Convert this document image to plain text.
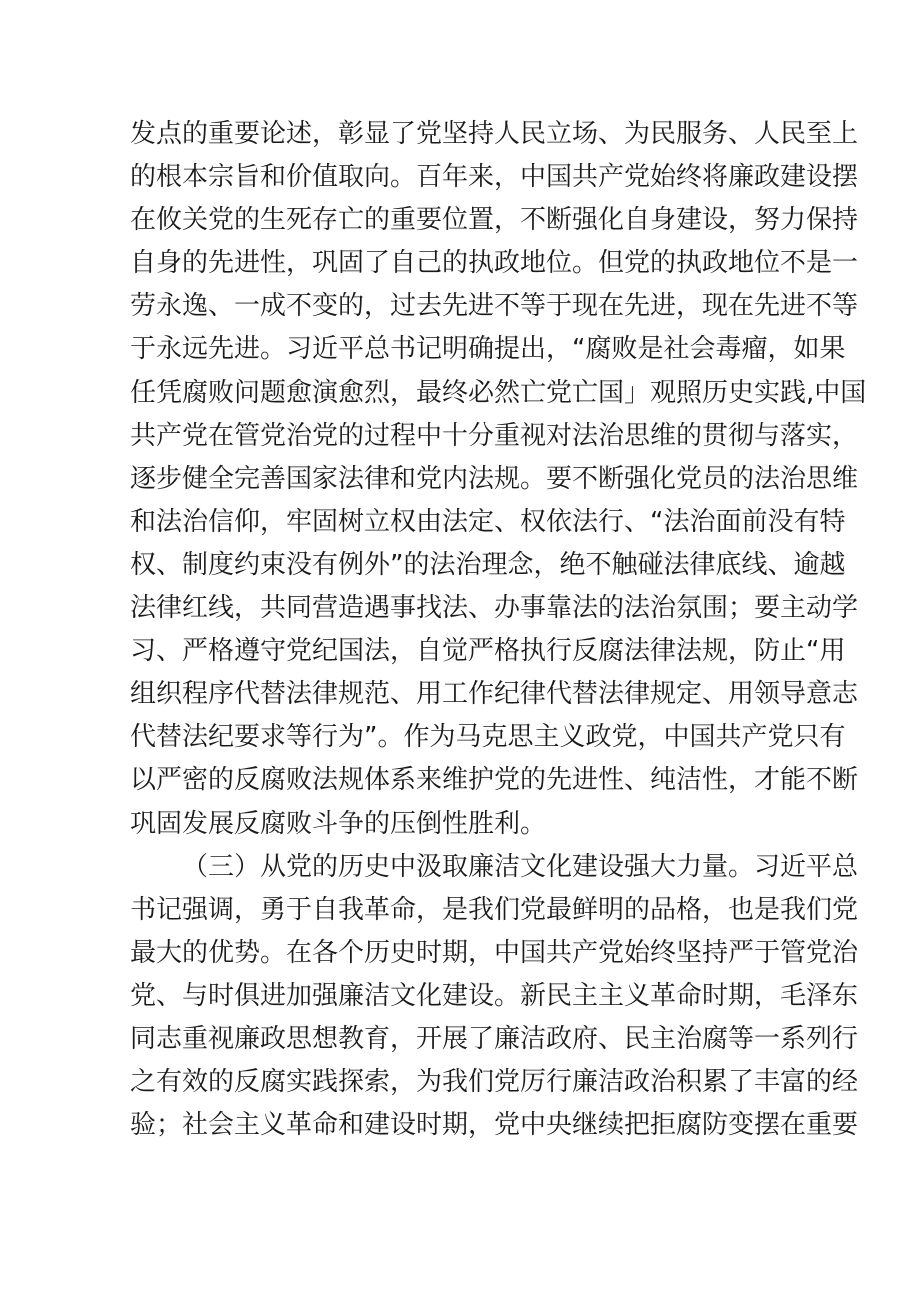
发点的重要论述，彰显了党坚持人民立场、为民服务、人民至上
的根本宗旨和价值取向。百年来，中国共产党始终将廉政建设摆
在攸关党的生死存亡的重要位置，不断强化自身建设，努力保持
自身的先进性，巩固了自己的执政地位。但党的执政地位不是一
劳永逸、一成不变的，过去先进不等于现在先进，现在先进不等
于永远先进。习近平总书记明确提出，“腐败是社会毒瘤，如果
任凭腐败问题愈演愈烈，最终必然亡党亡国」观照历史实践,中国
共产党在管党治党的过程中十分重视对法治思维的贯彻与落实，
逐步健全完善国家法律和党内法规。要不断强化党员的法治思维
和法治信仰，牢固树立权由法定、权依法行、“法治面前没有特
权、制度约束没有例外”的法治理念，绝不触碰法律底线、逾越
法律红线，共同营造遇事找法、办事靠法的法治氛围；要主动学
习、严格遵守党纪国法，自觉严格执行反腐法律法规，防止“用
组织程序代替法律规范、用工作纪律代替法律规定、用领导意志
代替法纪要求等行为”。作为马克思主义政党，中国共产党只有
以严密的反腐败法规体系来维护党的先进性、纯洁性，才能不断
巩固发展反腐败斗争的压倒性胜利。
（三）从党的历史中汲取廉洁文化建设强大力量。习近平总
书记强调，勇于自我革命，是我们党最鲜明的品格，也是我们党
最大的优势。在各个历史时期，中国共产党始终坚持严于管党治
党、与时俱进加强廉洁文化建设。新民主主义革命时期，毛泽东
同志重视廉政思想教育，开展了廉洁政府、民主治腐等一系列行
之有效的反腐实践探索，为我们党厉行廉洁政治积累了丰富的经
验；社会主义革命和建设时期，党中央继续把拒腐防变摆在重要
